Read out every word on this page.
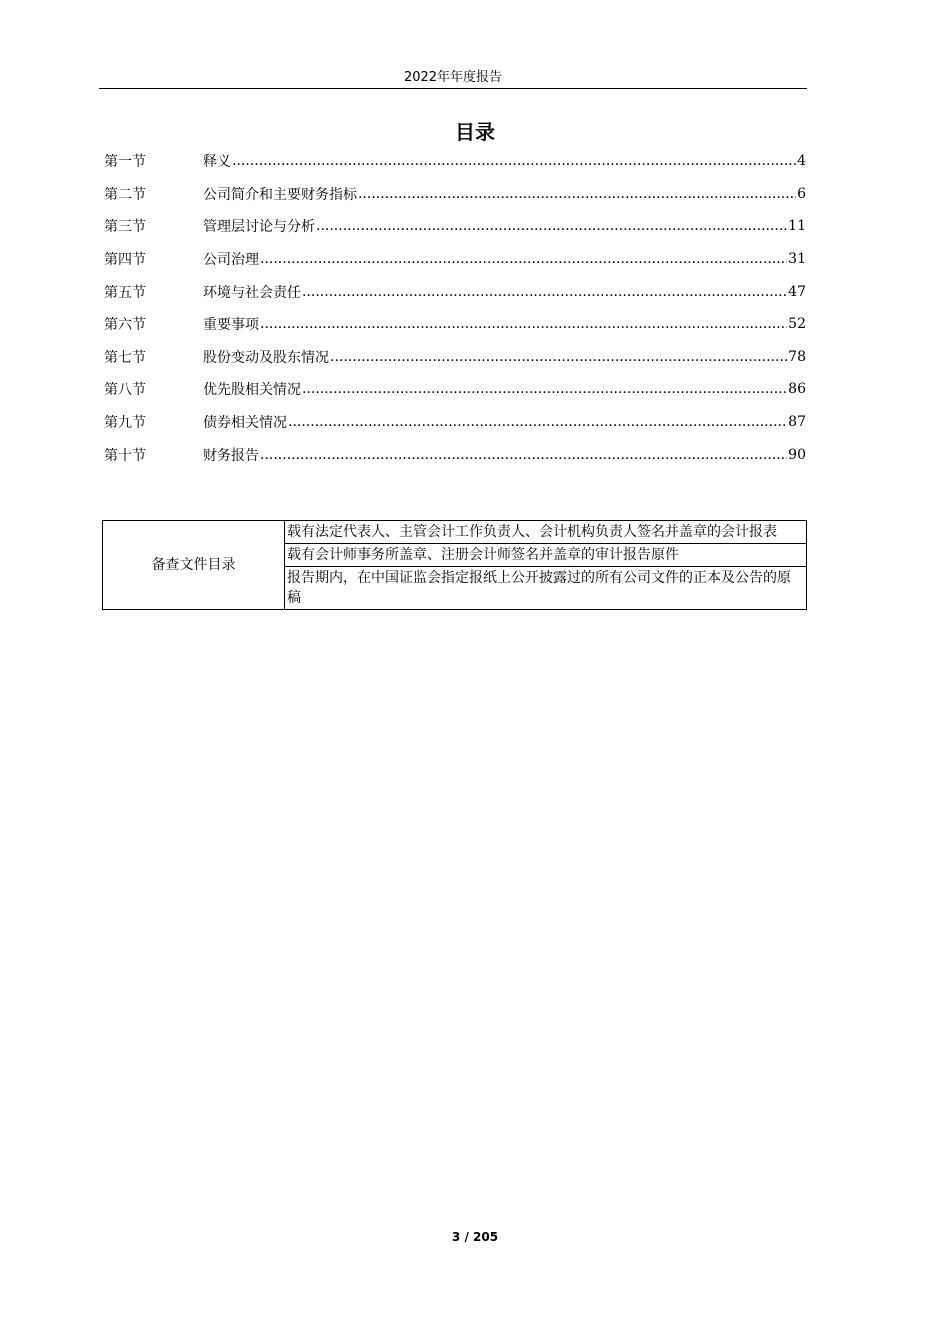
2022年年度报告
目录
第一节	释义 .....	4
第二节	公司简介和主要财务指标 .....	6
第三节	管理层讨论与分析 .....	11
第四节	公司治理 .....	31
第五节	环境与社会责任 .....	47
第六节	重要事项 .....	52
第七节	股份变动及股东情况 .....	78
第八节	优先股相关情况 .....	86
第九节	债券相关情况 .....	87
第十节	财务报告 .....	90
备查文件目录	载有法定代表人、主管会计工作负责人、会计机构负责人签名并盖章的会计报表
载有会计师事务所盖章、注册会计师签名并盖章的审计报告原件
报告期内，在中国证监会指定报纸上公开披露过的所有公司文件的正本及公告的原稿
3 / 205
